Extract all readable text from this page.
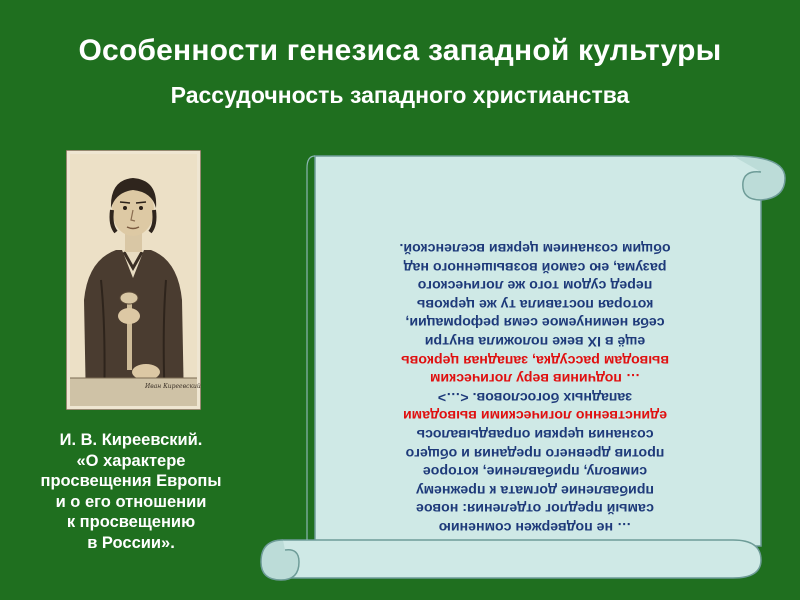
Особенности генезиса западной культуры
Рассудочность западного христианства
Иван Киреевский
И. В. Киреевский.
«О характере
просвещения Европы
и о его отношении
к просвещению
в России».
… не подвержен сомнению
самый предлог отделения: новое
прибавление догмата к прежнему
символу, прибавление, которое
против древнего предания и общего
сознания церкви оправдывалось
единственно логическими выводами
западных богословов. <…>
… подчинив веру логическим
выводам рассудка, западная церковь
ещё в IX веке положила внутри
себя неминуемое семя реформации,
которая поставила ту же церковь
перед судом того же логического
разума, ею самой возвышенного над
общим сознанием церкви вселенской.
